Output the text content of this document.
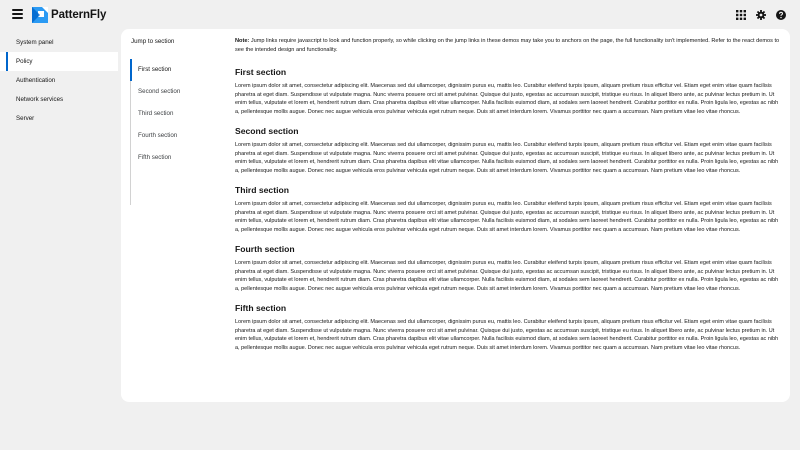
PatternFly
System panel
Policy
Authentication
Network services
Server
Jump to section
First section
Second section
Third section
Fourth section
Fifth section

Note: Jump links require javascript to look and function properly, so while clicking on the jump links in these demos may take you to anchors on the page, the full functionality isn't implemented. Refer to the react demos to see the intended design and functionality.

First section

Lorem ipsum dolor sit amet, consectetur adipiscing elit. Maecenas sed dui ullamcorper, dignissim purus eu, mattis leo. Curabitur eleifend turpis ipsum, aliquam pretium risus efficitur vel. Etiam eget enim vitae quam facilisis pharetra at eget diam. Suspendisse ut vulputate magna. Nunc viverra posuere orci sit amet pulvinar. Quisque dui justo, egestas ac accumsan suscipit, tristique eu risus. In aliquet libero ante, ac pulvinar lectus pretium in. Ut enim tellus, vulputate et lorem et, hendrerit rutrum diam. Cras pharetra dapibus elit vitae ullamcorper. Nulla facilisis euismod diam, at sodales sem laoreet hendrerit. Curabitur porttitor ex nulla. Proin ligula leo, egestas ac nibh a, pellentesque mollis augue. Donec nec augue vehicula eros pulvinar vehicula eget rutrum neque. Duis sit amet interdum lorem. Vivamus porttitor nec quam a accumsan. Nam pretium vitae leo vitae rhoncus.

Second section

Lorem ipsum dolor sit amet, consectetur adipiscing elit. Maecenas sed dui ullamcorper, dignissim purus eu, mattis leo. Curabitur eleifend turpis ipsum, aliquam pretium risus efficitur vel. Etiam eget enim vitae quam facilisis pharetra at eget diam. Suspendisse ut vulputate magna. Nunc viverra posuere orci sit amet pulvinar. Quisque dui justo, egestas ac accumsan suscipit, tristique eu risus. In aliquet libero ante, ac pulvinar lectus pretium in. Ut enim tellus, vulputate et lorem et, hendrerit rutrum diam. Cras pharetra dapibus elit vitae ullamcorper. Nulla facilisis euismod diam, at sodales sem laoreet hendrerit. Curabitur porttitor ex nulla. Proin ligula leo, egestas ac nibh a, pellentesque mollis augue. Donec nec augue vehicula eros pulvinar vehicula eget rutrum neque. Duis sit amet interdum lorem. Vivamus porttitor nec quam a accumsan. Nam pretium vitae leo vitae rhoncus.

Third section

Lorem ipsum dolor sit amet, consectetur adipiscing elit. Maecenas sed dui ullamcorper, dignissim purus eu, mattis leo. Curabitur eleifend turpis ipsum, aliquam pretium risus efficitur vel. Etiam eget enim vitae quam facilisis pharetra at eget diam. Suspendisse ut vulputate magna. Nunc viverra posuere orci sit amet pulvinar. Quisque dui justo, egestas ac accumsan suscipit, tristique eu risus. In aliquet libero ante, ac pulvinar lectus pretium in. Ut enim tellus, vulputate et lorem et, hendrerit rutrum diam. Cras pharetra dapibus elit vitae ullamcorper. Nulla facilisis euismod diam, at sodales sem laoreet hendrerit. Curabitur porttitor ex nulla. Proin ligula leo, egestas ac nibh a, pellentesque mollis augue. Donec nec augue vehicula eros pulvinar vehicula eget rutrum neque. Duis sit amet interdum lorem. Vivamus porttitor nec quam a accumsan. Nam pretium vitae leo vitae rhoncus.

Fourth section

Lorem ipsum dolor sit amet, consectetur adipiscing elit. Maecenas sed dui ullamcorper, dignissim purus eu, mattis leo. Curabitur eleifend turpis ipsum, aliquam pretium risus efficitur vel. Etiam eget enim vitae quam facilisis pharetra at eget diam. Suspendisse ut vulputate magna. Nunc viverra posuere orci sit amet pulvinar. Quisque dui justo, egestas ac accumsan suscipit, tristique eu risus. In aliquet libero ante, ac pulvinar lectus pretium in. Ut enim tellus, vulputate et lorem et, hendrerit rutrum diam. Cras pharetra dapibus elit vitae ullamcorper. Nulla facilisis euismod diam, at sodales sem laoreet hendrerit. Curabitur porttitor ex nulla. Proin ligula leo, egestas ac nibh a, pellentesque mollis augue. Donec nec augue vehicula eros pulvinar vehicula eget rutrum neque. Duis sit amet interdum lorem. Vivamus porttitor nec quam a accumsan. Nam pretium vitae leo vitae rhoncus.

Fifth section

Lorem ipsum dolor sit amet, consectetur adipiscing elit. Maecenas sed dui ullamcorper, dignissim purus eu, mattis leo. Curabitur eleifend turpis ipsum, aliquam pretium risus efficitur vel. Etiam eget enim vitae quam facilisis pharetra at eget diam. Suspendisse ut vulputate magna. Nunc viverra posuere orci sit amet pulvinar. Quisque dui justo, egestas ac accumsan suscipit, tristique eu risus. In aliquet libero ante, ac pulvinar lectus pretium in. Ut enim tellus, vulputate et lorem et, hendrerit rutrum diam. Cras pharetra dapibus elit vitae ullamcorper. Nulla facilisis euismod diam, at sodales sem laoreet hendrerit. Curabitur porttitor ex nulla. Proin ligula leo, egestas ac nibh a, pellentesque mollis augue. Donec nec augue vehicula eros pulvinar vehicula eget rutrum neque. Duis sit amet interdum lorem. Vivamus porttitor nec quam a accumsan. Nam pretium vitae leo vitae rhoncus.
